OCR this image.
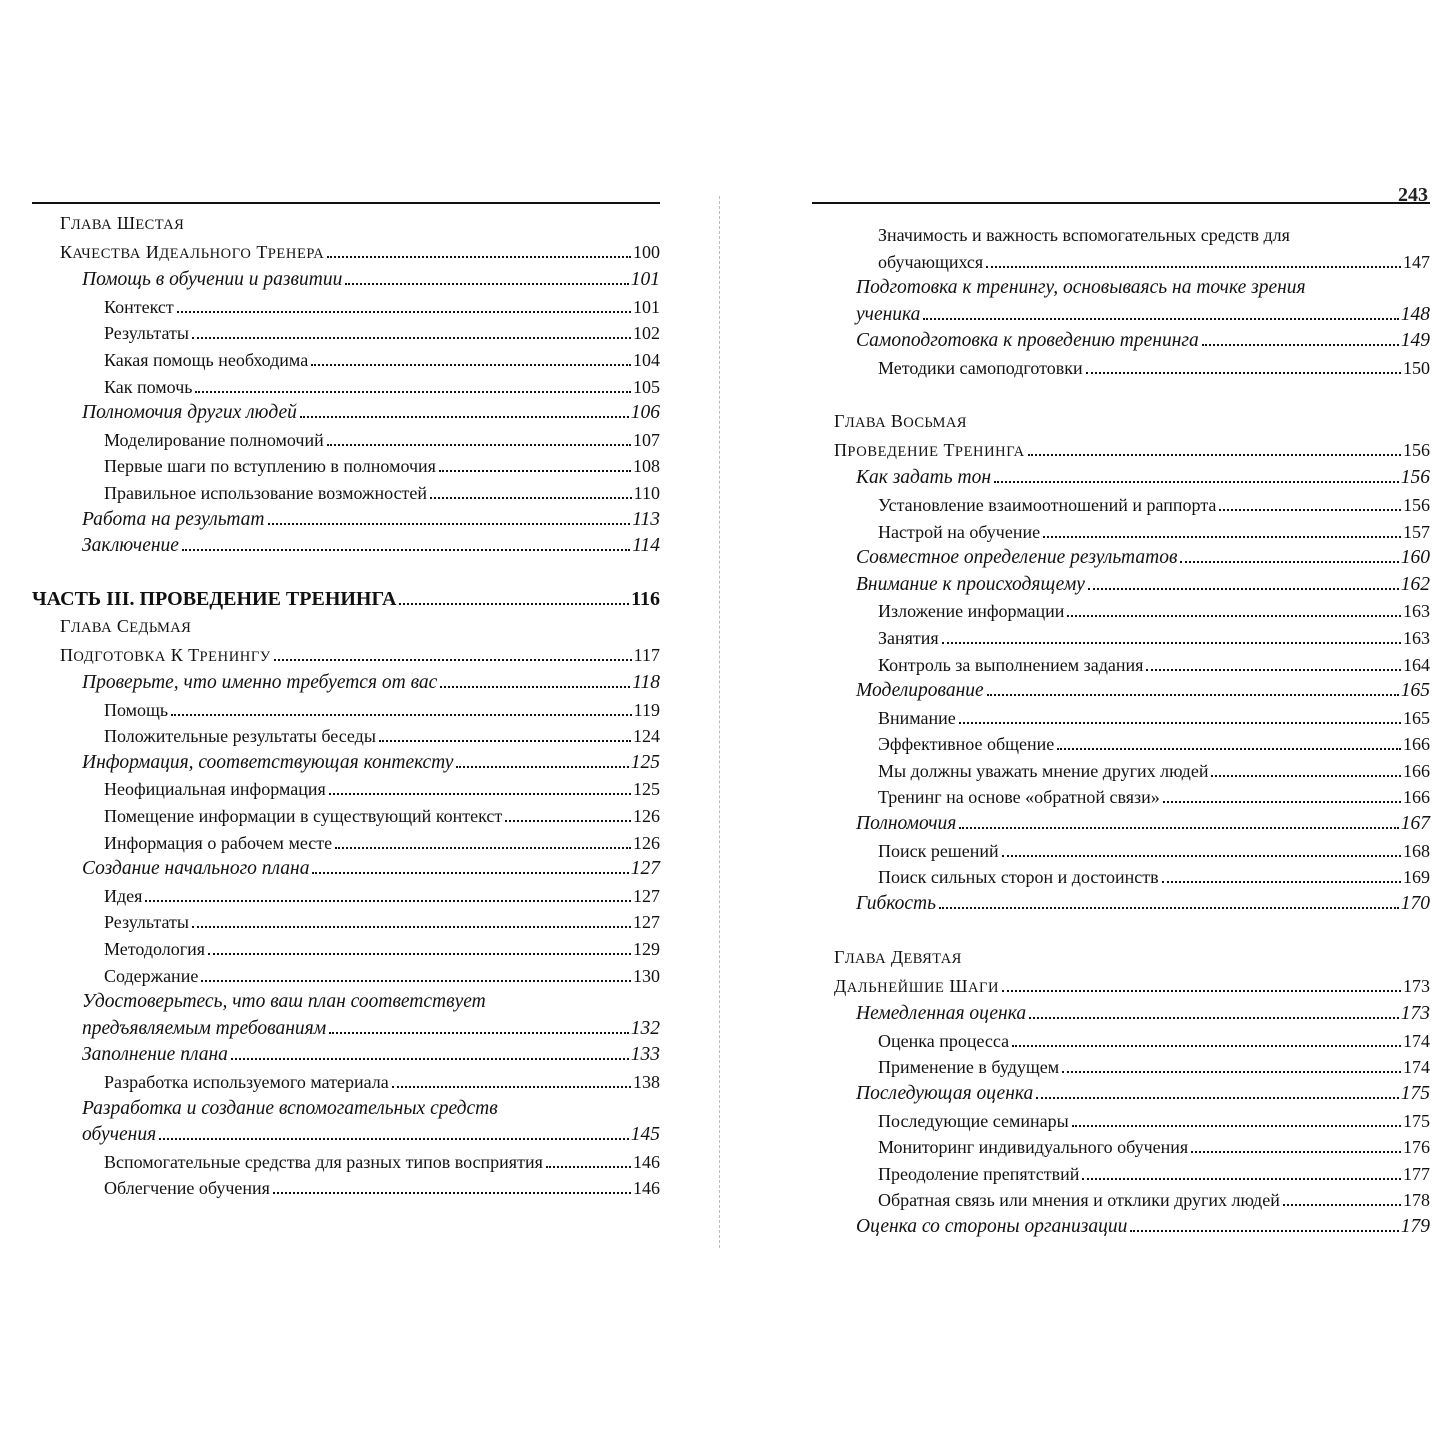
ГЛАВА ШЕСТАЯ
КАЧЕСТВА ИДЕАЛЬНОГО ТРЕНЕРА	100
Помощь в обучении и развитии	101
Контекст	101
Результаты	102
Какая помощь необходима	104
Как помочь	105
Полномочия других людей	106
Моделирование полномочий	107
Первые шаги по вступлению в полномочия	108
Правильное использование возможностей	110
Работа на результат	113
Заключение	114
ЧАСТЬ III. ПРОВЕДЕНИЕ ТРЕНИНГА	116
ГЛАВА СЕДЬМАЯ
ПОДГОТОВКА К ТРЕНИНГУ	117
Проверьте, что именно требуется от вас	118
Помощь	119
Положительные результаты беседы	124
Информация, соответствующая контексту	125
Неофициальная информация	125
Помещение информации в существующий контекст	126
Информация о рабочем месте	126
Создание начального плана	127
Идея	127
Результаты	127
Методология	129
Содержание	130
Удостоверьтесь, что ваш план соответствует
предъявляемым требованиям	132
Заполнение плана	133
Разработка используемого материала	138
Разработка и создание вспомогательных средств
обучения	145
Вспомогательные средства для разных типов восприятия	146
Облегчение обучения	146
243
Значимость и важность вспомогательных средств для
обучающихся	147
Подготовка к тренингу, основываясь на точке зрения
ученика	148
Самоподготовка к проведению тренинга	149
Методики самоподготовки	150
ГЛАВА ВОСЬМАЯ
ПРОВЕДЕНИЕ ТРЕНИНГА	156
Как задать тон	156
Установление взаимоотношений и раппорта	156
Настрой на обучение	157
Совместное определение результатов	160
Внимание к происходящему	162
Изложение информации	163
Занятия	163
Контроль за выполнением задания	164
Моделирование	165
Внимание	165
Эффективное общение	166
Мы должны уважать мнение других людей	166
Тренинг на основе «обратной связи»	166
Полномочия	167
Поиск решений	168
Поиск сильных сторон и достоинств	169
Гибкость	170
ГЛАВА ДЕВЯТАЯ
ДАЛЬНЕЙШИЕ ШАГИ	173
Немедленная оценка	173
Оценка процесса	174
Применение в будущем	174
Последующая оценка	175
Последующие семинары	175
Мониторинг индивидуального обучения	176
Преодоление препятствий	177
Обратная связь или мнения и отклики других людей	178
Оценка со стороны организации	179
